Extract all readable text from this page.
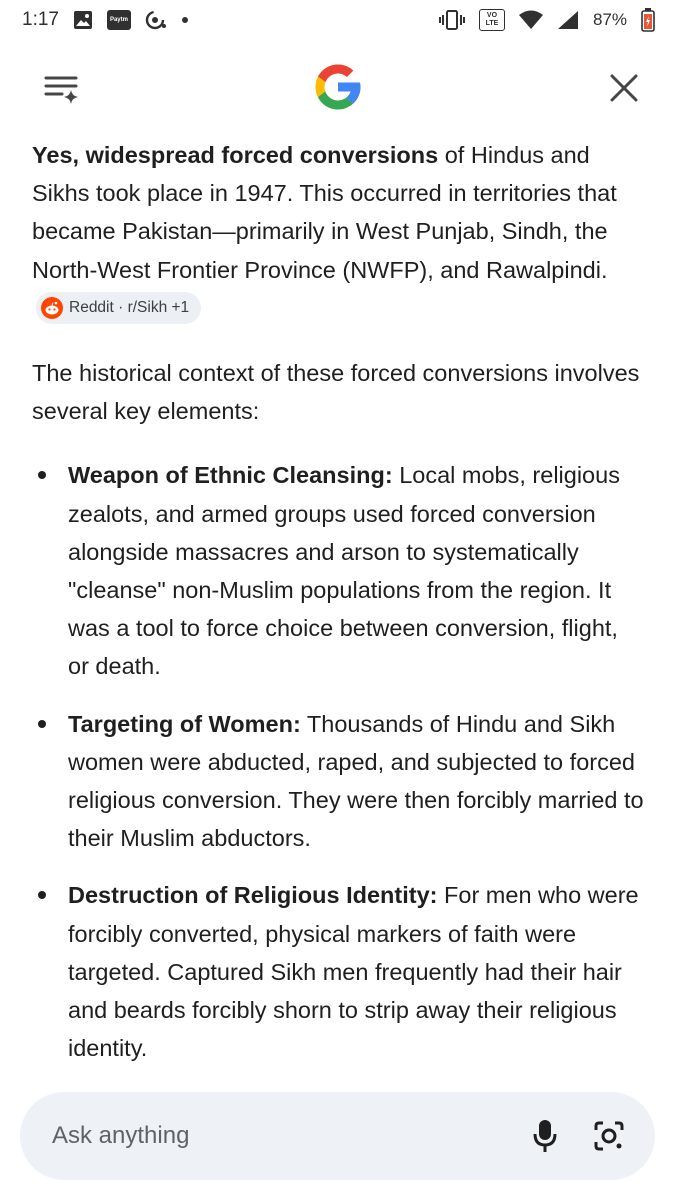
1:17	Paytm
VO
LTE	87%

Yes, widespread forced conversions of Hindus and Sikhs took place in 1947. This occurred in territories that became Pakistan—primarily in West Punjab, Sindh, the North-West Frontier Province (NWFP), and Rawalpindi.
Reddit · r/Sikh +1

The historical context of these forced conversions involves several key elements:

Weapon of Ethnic Cleansing: Local mobs, religious zealots, and armed groups used forced conversion alongside massacres and arson to systematically "cleanse" non-Muslim populations from the region. It was a tool to force choice between conversion, flight, or death.
Targeting of Women: Thousands of Hindu and Sikh women were abducted, raped, and subjected to forced religious conversion. They were then forcibly married to their Muslim abductors.
Destruction of Religious Identity: For men who were forcibly converted, physical markers of faith were targeted. Captured Sikh men frequently had their hair and beards forcibly shorn to strip away their religious identity.
Ask anything
